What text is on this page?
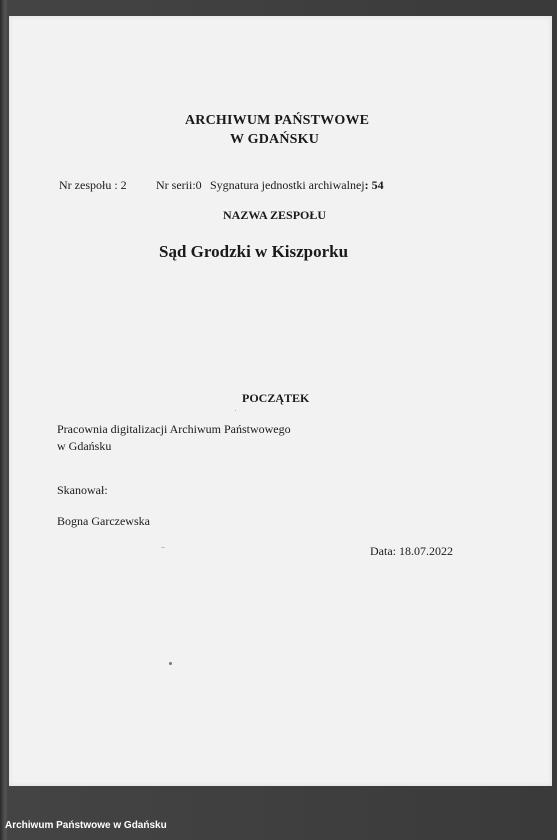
ARCHIWUM PAŃSTWOWE
W GDAŃSKU
Nr zespołu : 2 Nr serii:0 Sygnatura jednostki archiwalnej: 54
NAZWA ZESPOŁU
Sąd Grodzki w Kiszporku
POCZĄTEK
Pracownia digitalizacji Archiwum Państwowego
w Gdańsku
Skanował:
Bogna Garczewska
Data: 18.07.2022
Archiwum Państwowe w Gdańsku
